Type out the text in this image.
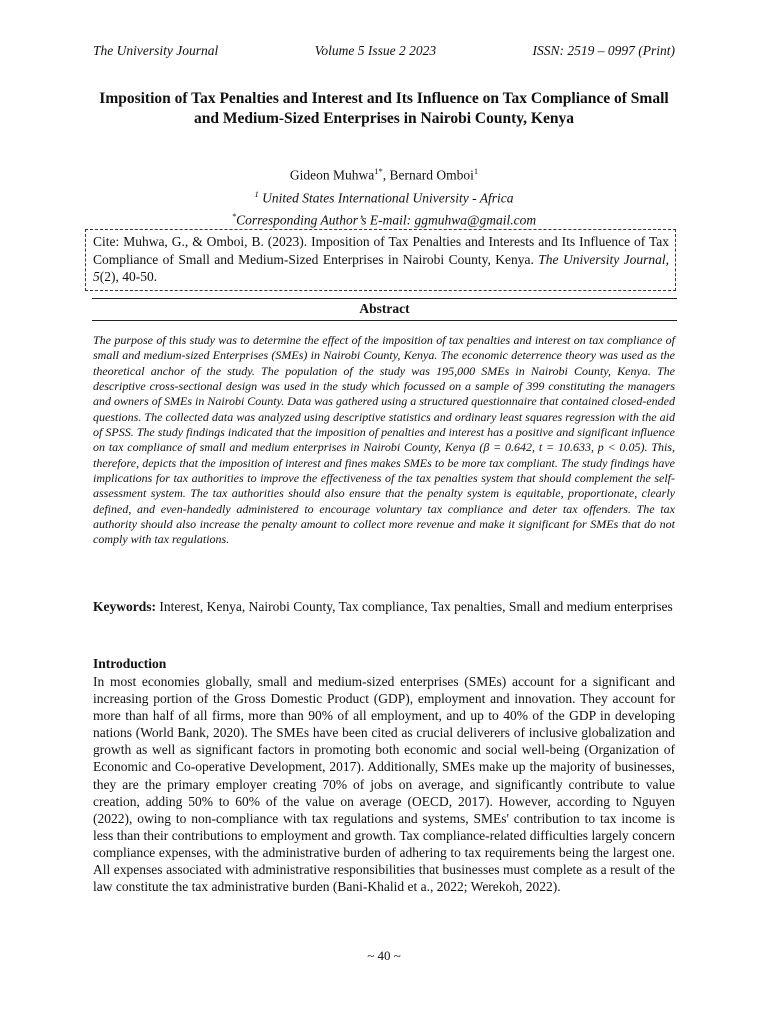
The University Journal	Volume 5 Issue 2 2023	ISSN: 2519 – 0997 (Print)
Imposition of Tax Penalties and Interest and Its Influence on Tax Compliance of Small and Medium-Sized Enterprises in Nairobi County, Kenya
Gideon Muhwa$^{1*}$, Bernard Omboi$^1$
$^1$ United States International University - Africa
*Corresponding Author’s E-mail: ggmuhwa@gmail.com
Cite: Muhwa, G., & Omboi, B. (2023). Imposition of Tax Penalties and Interests and Its Influence of Tax Compliance of Small and Medium-Sized Enterprises in Nairobi County, Kenya. The University Journal, 5(2), 40-50.
Abstract
The purpose of this study was to determine the effect of the imposition of tax penalties and interest on tax compliance of small and medium-sized Enterprises (SMEs) in Nairobi County, Kenya. The economic deterrence theory was used as the theoretical anchor of the study. The population of the study was 195,000 SMEs in Nairobi County, Kenya. The descriptive cross-sectional design was used in the study which focussed on a sample of 399 constituting the managers and owners of SMEs in Nairobi County. Data was gathered using a structured questionnaire that contained closed-ended questions. The collected data was analyzed using descriptive statistics and ordinary least squares regression with the aid of SPSS. The study findings indicated that the imposition of penalties and interest has a positive and significant influence on tax compliance of small and medium enterprises in Nairobi County, Kenya (β = 0.642, t = 10.633, p < 0.05). This, therefore, depicts that the imposition of interest and fines makes SMEs to be more tax compliant. The study findings have implications for tax authorities to improve the effectiveness of the tax penalties system that should complement the self-assessment system. The tax authorities should also ensure that the penalty system is equitable, proportionate, clearly defined, and even-handedly administered to encourage voluntary tax compliance and deter tax offenders. The tax authority should also increase the penalty amount to collect more revenue and make it significant for SMEs that do not comply with tax regulations.
Keywords: Interest, Kenya, Nairobi County, Tax compliance, Tax penalties, Small and medium enterprises
Introduction
In most economies globally, small and medium-sized enterprises (SMEs) account for a significant and increasing portion of the Gross Domestic Product (GDP), employment and innovation. They account for more than half of all firms, more than 90% of all employment, and up to 40% of the GDP in developing nations (World Bank, 2020). The SMEs have been cited as crucial deliverers of inclusive globalization and growth as well as significant factors in promoting both economic and social well-being (Organization of Economic and Co-operative Development, 2017). Additionally, SMEs make up the majority of businesses, they are the primary employer creating 70% of jobs on average, and significantly contribute to value creation, adding 50% to 60% of the value on average (OECD, 2017). However, according to Nguyen (2022), owing to non-compliance with tax regulations and systems, SMEs' contribution to tax income is less than their contributions to employment and growth. Tax compliance-related difficulties largely concern compliance expenses, with the administrative burden of adhering to tax requirements being the largest one. All expenses associated with administrative responsibilities that businesses must complete as a result of the law constitute the tax administrative burden (Bani-Khalid et a., 2022; Werekoh, 2022).
~ 40 ~
